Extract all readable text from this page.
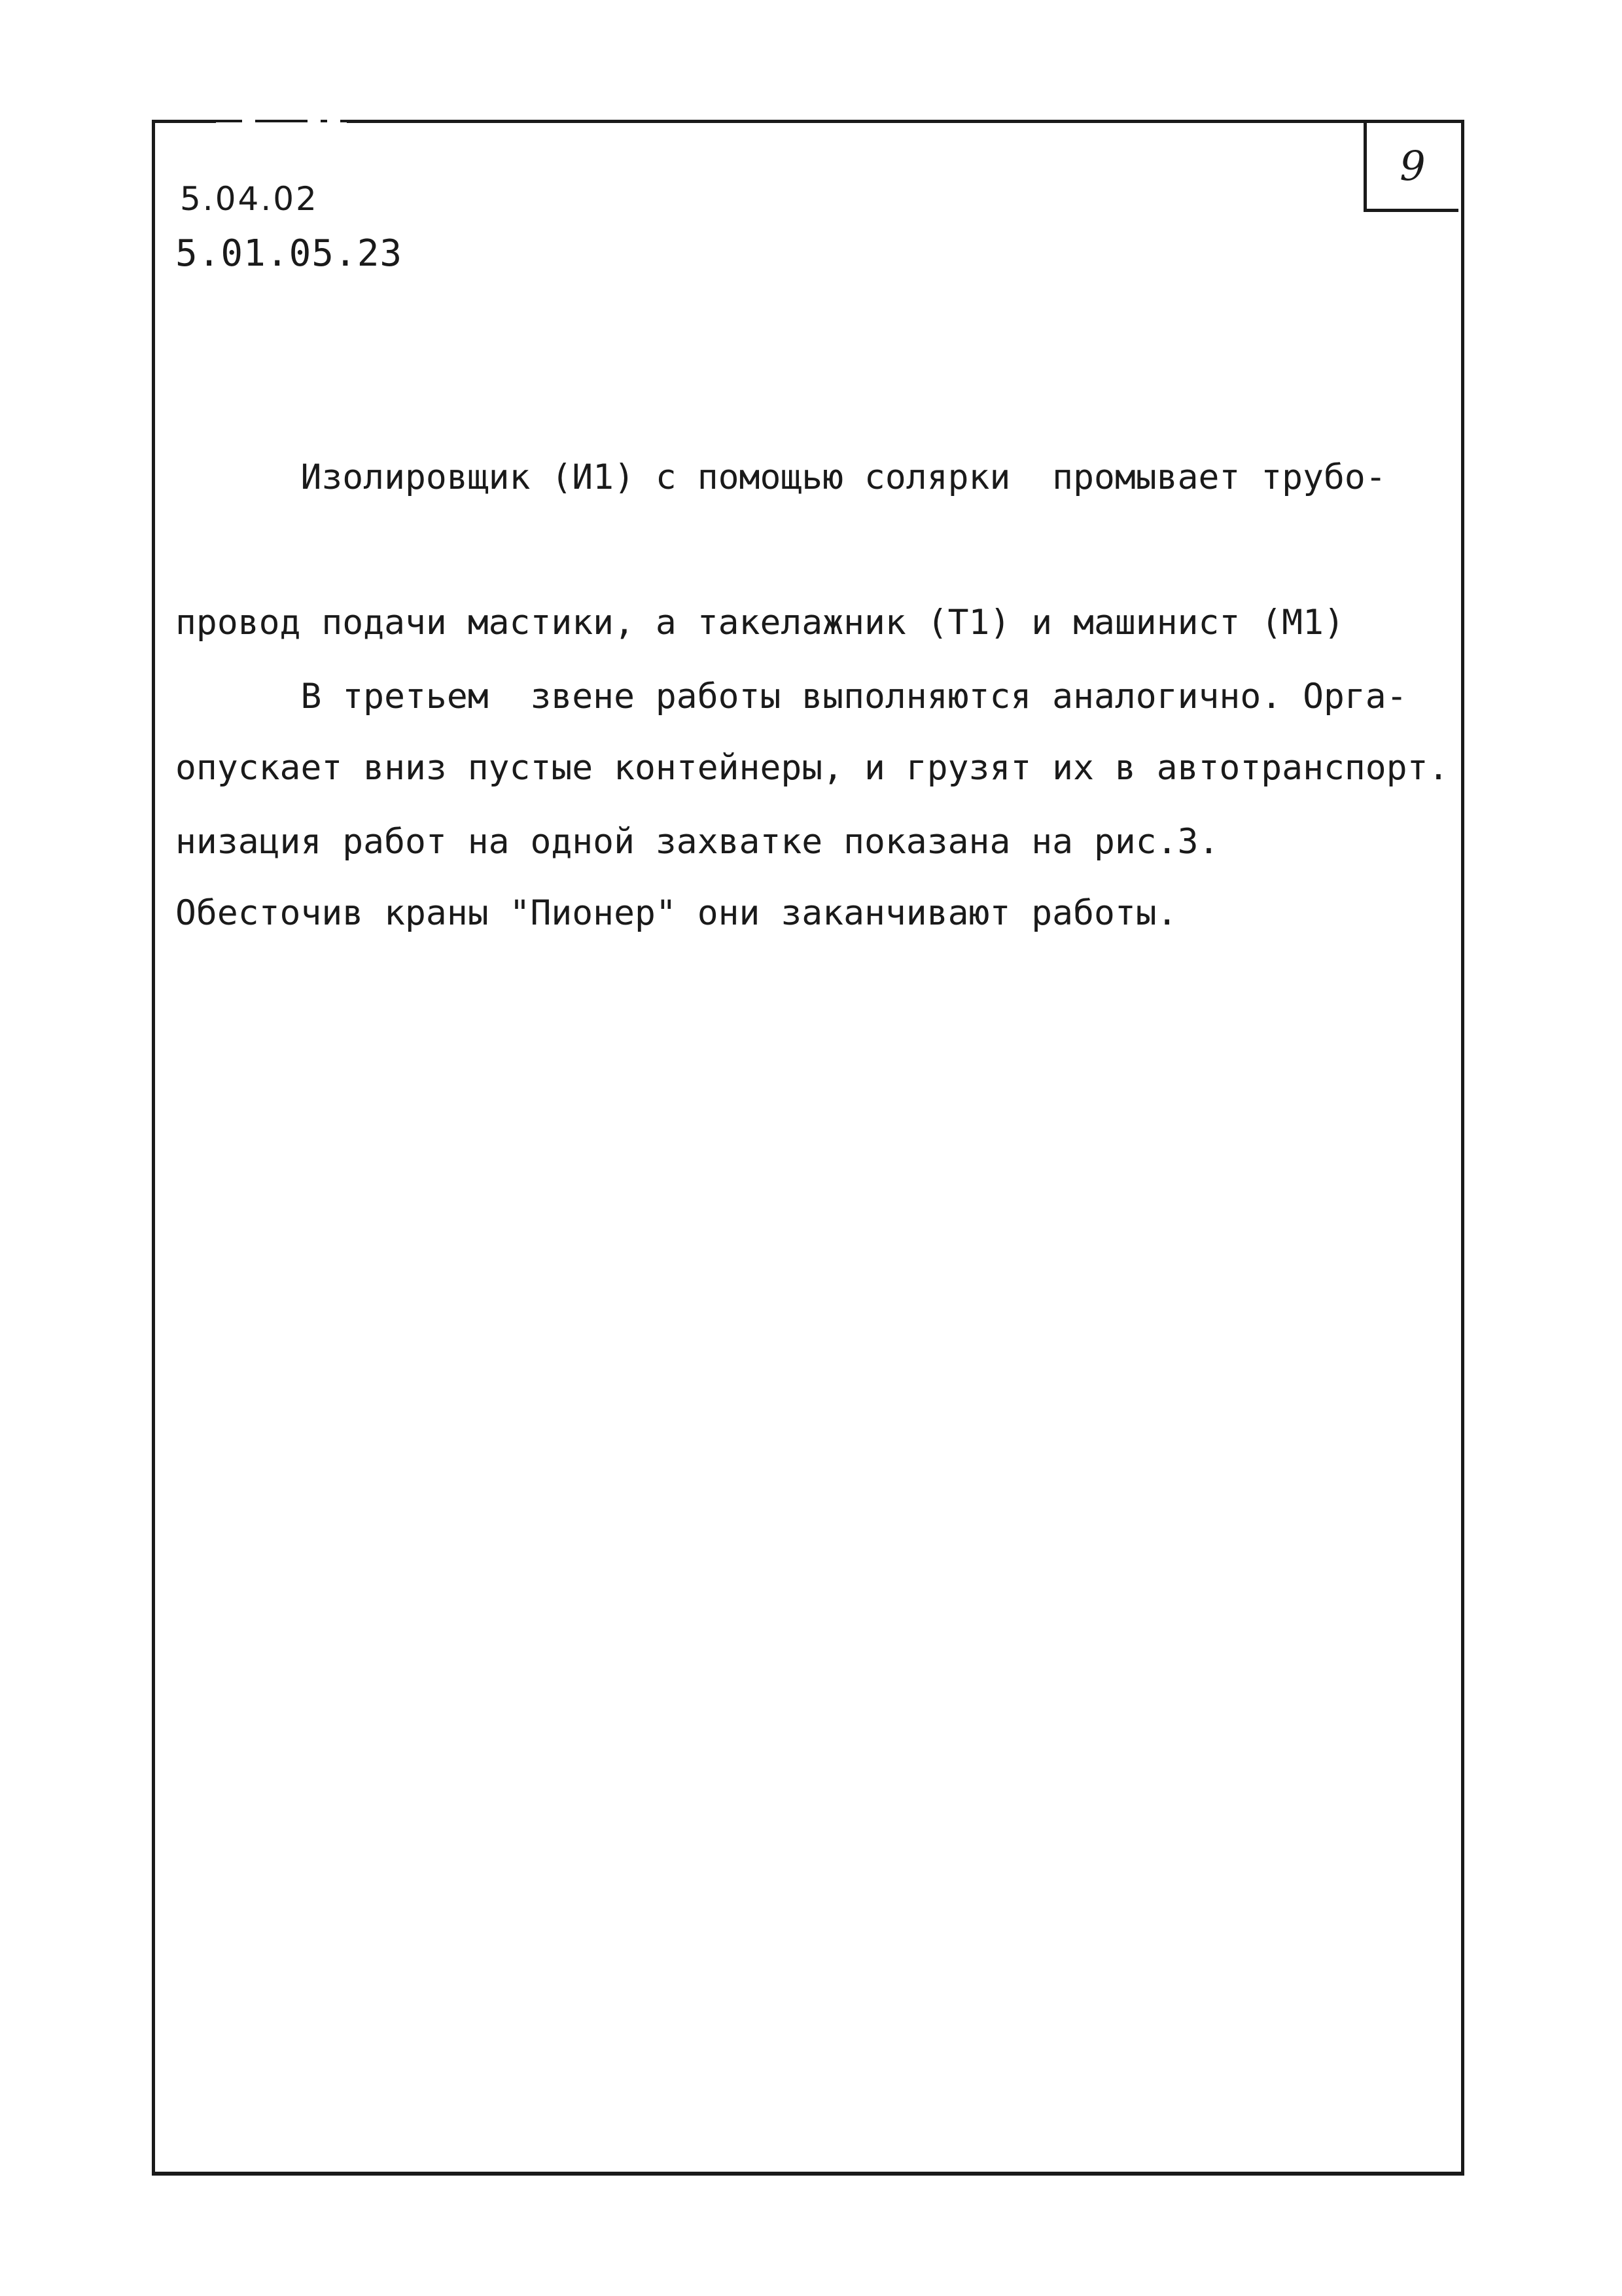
9
5.04.02
5.01.05.23

Изолировщик (И1) с помощью солярки  промывает трубо-

провод подачи мастики, а такелажник (Т1) и машинист (М1)

опускает вниз пустые контейнеры, и грузят их в автотранспорт.

Обесточив краны "Пионер" они заканчивают работы.

В третьем  звене работы выполняются аналогично. Орга-

низация работ на одной захватке показана на рис.3.
